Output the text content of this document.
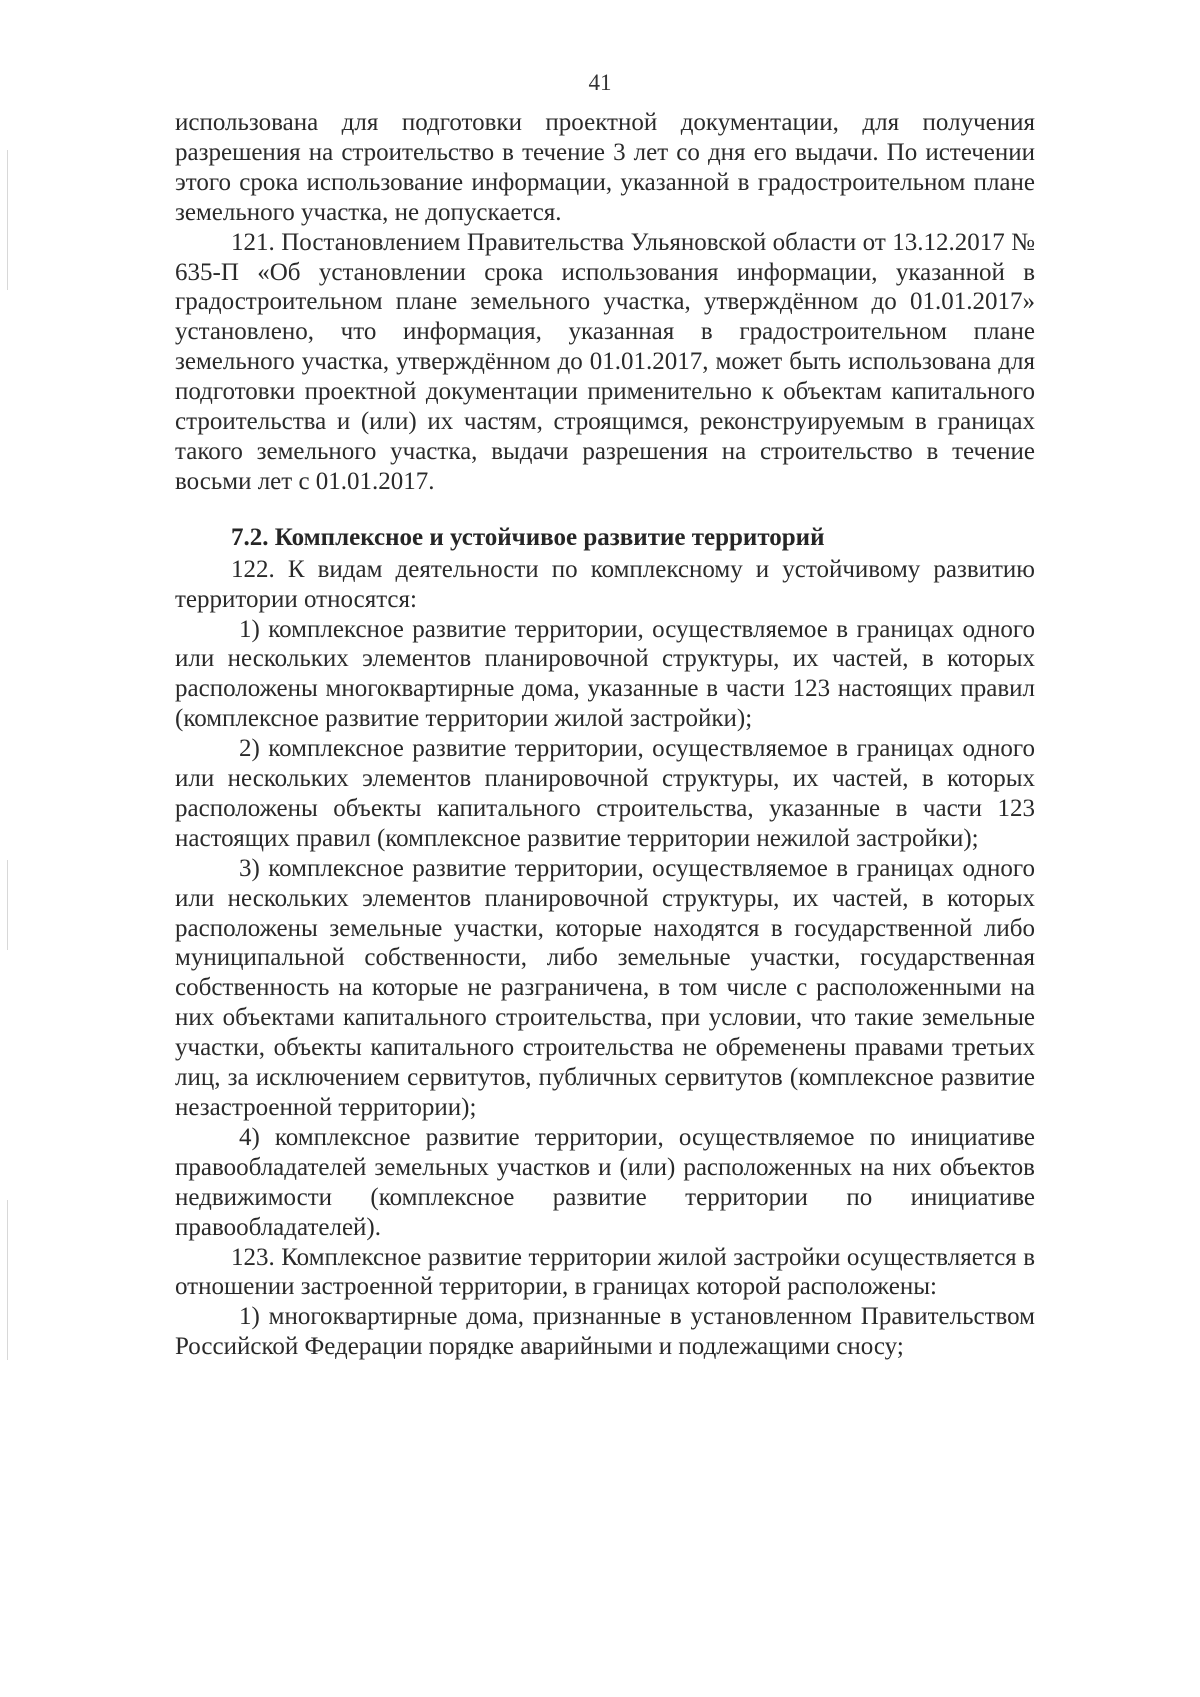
41

использована для подготовки проектной документации, для получения разрешения на строительство в течение 3 лет со дня его выдачи. По истечении этого срока использование информации, указанной в градостроительном плане земельного участка, не допускается.

121. Постановлением Правительства Ульяновской области от 13.12.2017 № 635-П «Об установлении срока использования информации, указанной в градостроительном плане земельного участка, утверждённом до 01.01.2017» установлено, что информация, указанная в градостроительном плане земельного участка, утверждённом до 01.01.2017, может быть использована для подготовки проектной документации применительно к объектам капитального строительства и (или) их частям, строящимся, реконструируемым в границах такого земельного участка, выдачи разрешения на строительство в течение восьми лет с 01.01.2017.

7.2. Комплексное и устойчивое развитие территорий

122. К видам деятельности по комплексному и устойчивому развитию территории относятся:

1) комплексное развитие территории, осуществляемое в границах одного или нескольких элементов планировочной структуры, их частей, в которых расположены многоквартирные дома, указанные в части 123 настоящих правил (комплексное развитие территории жилой застройки);

2) комплексное развитие территории, осуществляемое в границах одного или нескольких элементов планировочной структуры, их частей, в которых расположены объекты капитального строительства, указанные в части 123 настоящих правил (комплексное развитие территории нежилой застройки);

3) комплексное развитие территории, осуществляемое в границах одного или нескольких элементов планировочной структуры, их частей, в которых расположены земельные участки, которые находятся в государственной либо муниципальной собственности, либо земельные участки, государственная собственность на которые не разграничена, в том числе с расположенными на них объектами капитального строительства, при условии, что такие земельные участки, объекты капитального строительства не обременены правами третьих лиц, за исключением сервитутов, публичных сервитутов (комплексное развитие незастроенной территории);

4) комплексное развитие территории, осуществляемое по инициативе правообладателей земельных участков и (или) расположенных на них объектов недвижимости (комплексное развитие территории по инициативе правообладателей).

123. Комплексное развитие территории жилой застройки осуществляется в отношении застроенной территории, в границах которой расположены:

1) многоквартирные дома, признанные в установленном Правительством Российской Федерации порядке аварийными и подлежащими сносу;
